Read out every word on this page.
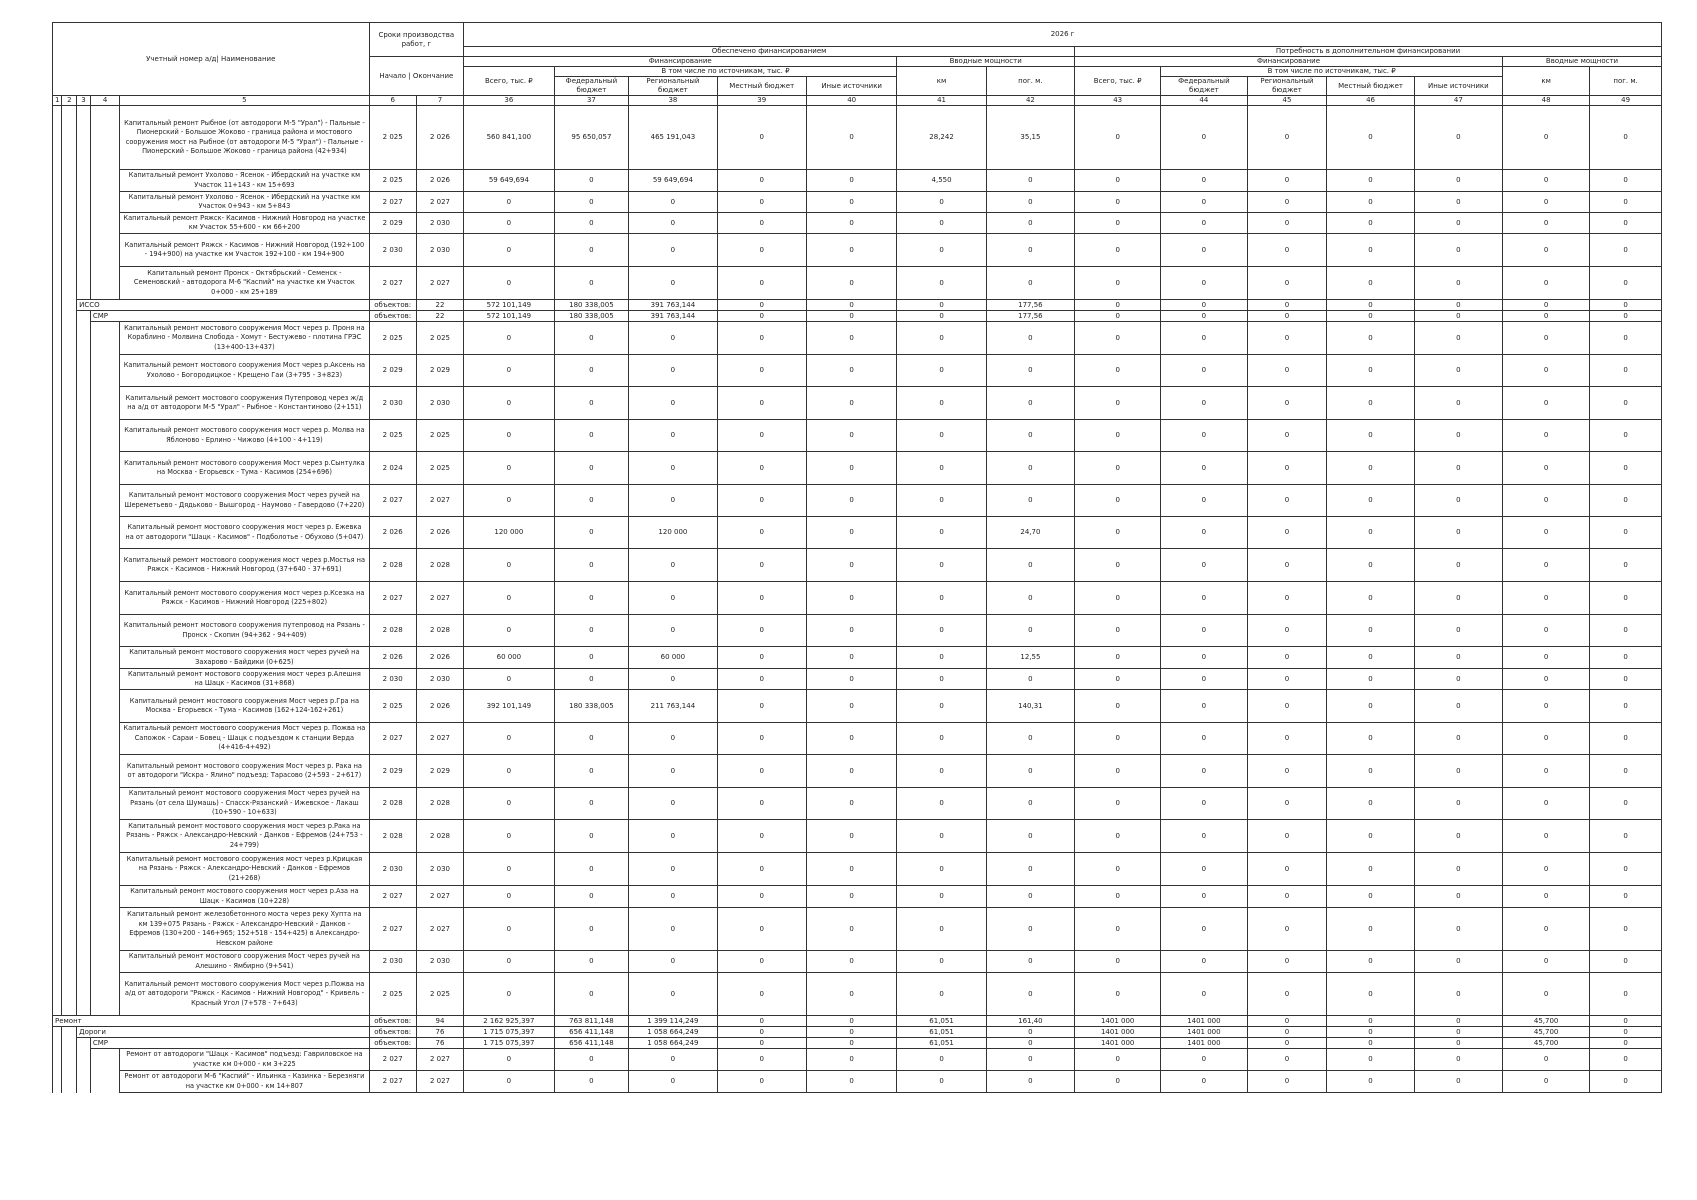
Учетный номер а/д| Наименование					Сроки производства работ, г		2026 г													
							Обеспечено финансированием							Потребность в дополнительном финансировании						
					Начало | Окончание		Финансирование					Вводные мощности		Финансирование					Вводные мощности	
							Всего, тыс. ₽	В том числе по источникам, тыс. ₽				км	пог. м.	Всего, тыс. ₽	В том числе по источникам, тыс. ₽				км	пог. м.
								Федеральный бюджет	Региональный бюджет	Местный бюджет	Иные источники				Федеральный бюджет	Региональный бюджет	Местный бюджет	Иные источники		
1	2	3	4	5	6	7	36	37	38	39	40	41	42	43	44	45	46	47	48	49
				Капитальный ремонт Рыбное (от автодороги М-5 "Урал") - Пальные - Пионерский - Большое Жоково - граница района и мостового сооружения мост на Рыбное (от автодороги М-5 "Урал") - Пальные - Пионерский - Большое Жоково - граница района (42+934)	2 025	2 026	560 841,100	95 650,057	465 191,043	0	0	28,242	35,15	0	0	0	0	0	0	0
				Капитальный ремонт Ухолово - Ясенок - Ибердский на участке км Участок 11+143 - км 15+693	2 025	2 026	59 649,694	0	59 649,694	0	0	4,550	0	0	0	0	0	0	0	0
				Капитальный ремонт Ухолово - Ясенок - Ибердский на участке км Участок 0+943 - км 5+843	2 027	2 027	0	0	0	0	0	0	0	0	0	0	0	0	0	0
				Капитальный ремонт Ряжск- Касимов - Нижний Новгород на участке км Участок 55+600 - км 66+200	2 029	2 030	0	0	0	0	0	0	0	0	0	0	0	0	0	0
				Капитальный ремонт Ряжск - Касимов - Нижний Новгород (192+100 - 194+900) на участке км Участок 192+100 - км 194+900	2 030	2 030	0	0	0	0	0	0	0	0	0	0	0	0	0	0
				Капитальный ремонт Пронск - Октябрьский - Семенск - Семеновский - автодорога М-6 "Каспий" на участке км Участок 0+000 - км 25+189	2 027	2 027	0	0	0	0	0	0	0	0	0	0	0	0	0	0
		ИССО			объектов:	22	572 101,149	180 338,005	391 763,144	0	0	0	177,56	0	0	0	0	0	0	0
			СМР		объектов:	22	572 101,149	180 338,005	391 763,144	0	0	0	177,56	0	0	0	0	0	0	0
				Капитальный ремонт мостового сооружения Мост через р. Проня на Кораблино - Молвина Слобода - Хомут - Бестужево - плотина ГРЭС (13+400-13+437)	2 025	2 025	0	0	0	0	0	0	0	0	0	0	0	0	0	0
				Капитальный ремонт мостового сооружения Мост через р.Аксень на Ухолово - Богородицкое - Крещено Гаи (3+795 - 3+823)	2 029	2 029	0	0	0	0	0	0	0	0	0	0	0	0	0	0
				Капитальный ремонт мостового сооружения Путепровод через ж/д на а/д от автодороги М-5 "Урал" - Рыбное - Константиново (2+151)	2 030	2 030	0	0	0	0	0	0	0	0	0	0	0	0	0	0
				Капитальный ремонт мостового сооружения мост через р. Молва на Яблоново - Ерлино - Чижово (4+100 - 4+119)	2 025	2 025	0	0	0	0	0	0	0	0	0	0	0	0	0	0
				Капитальный ремонт мостового сооружения Мост через р.Сынтулка на Москва - Егорьевск - Тума - Касимов (254+696)	2 024	2 025	0	0	0	0	0	0	0	0	0	0	0	0	0	0
				Капитальный ремонт мостового сооружения Мост через ручей на Шереметьево - Дядьково - Вышгород - Наумово - Гавердово (7+220)	2 027	2 027	0	0	0	0	0	0	0	0	0	0	0	0	0	0
				Капитальный ремонт мостового сооружения мост через р. Ежевка на от автодороги "Шацк - Касимов" - Подболотье - Обухово (5+047)	2 026	2 026	120 000	0	120 000	0	0	0	24,70	0	0	0	0	0	0	0
				Капитальный ремонт мостового сооружения мост через р.Мостья на Ряжск - Касимов - Нижний Новгород (37+640 - 37+691)	2 028	2 028	0	0	0	0	0	0	0	0	0	0	0	0	0	0
				Капитальный ремонт мостового сооружения мост через р.Ксезка на Ряжск - Касимов - Нижний Новгород (225+802)	2 027	2 027	0	0	0	0	0	0	0	0	0	0	0	0	0	0
				Капитальный ремонт мостового сооружения путепровод на Рязань - Пронск - Скопин (94+362 - 94+409)	2 028	2 028	0	0	0	0	0	0	0	0	0	0	0	0	0	0
				Капитальный ремонт мостового сооружения мост через ручей на Захарово - Байдики (0+625)	2 026	2 026	60 000	0	60 000	0	0	0	12,55	0	0	0	0	0	0	0
				Капитальный ремонт мостового сооружения мост через р.Алешня на Шацк - Касимов (31+868)	2 030	2 030	0	0	0	0	0	0	0	0	0	0	0	0	0	0
				Капитальный ремонт мостового сооружения Мост через р.Гра на Москва - Егорьевск - Тума - Касимов (162+124-162+261)	2 025	2 026	392 101,149	180 338,005	211 763,144	0	0	0	140,31	0	0	0	0	0	0	0
				Капитальный ремонт мостового сооружения Мост через р. Пожва на Сапожок - Сараи - Бовец - Шацк с подъездом к станции Верда (4+416-4+492)	2 027	2 027	0	0	0	0	0	0	0	0	0	0	0	0	0	0
				Капитальный ремонт мостового сооружения Мост через р. Рака на от автодороги "Искра - Ялино" подъезд: Тарасово (2+593 - 2+617)	2 029	2 029	0	0	0	0	0	0	0	0	0	0	0	0	0	0
				Капитальный ремонт мостового сооружения Мост через ручей на Рязань (от села Шумашь) - Спасск-Рязанский - Ижевское - Лакаш (10+590 - 10+633)	2 028	2 028	0	0	0	0	0	0	0	0	0	0	0	0	0	0
				Капитальный ремонт мостового сооружения мост через р.Рака на Рязань - Ряжск - Александро-Невский - Данков - Ефремов (24+753 - 24+799)	2 028	2 028	0	0	0	0	0	0	0	0	0	0	0	0	0	0
				Капитальный ремонт мостового сооружения мост через р.Крицкая на Рязань - Ряжск - Александро-Невский - Данков - Ефремов (21+268)	2 030	2 030	0	0	0	0	0	0	0	0	0	0	0	0	0	0
				Капитальный ремонт мостового сооружения мост через р.Аза на Шацк - Касимов (10+228)	2 027	2 027	0	0	0	0	0	0	0	0	0	0	0	0	0	0
				Капитальный ремонт железобетонного моста через реку Хупта на км 139+075 Рязань - Ряжск - Александро-Невский - Данков - Ефремов (130+200 - 146+965; 152+518 - 154+425) в Александро-Невском районе	2 027	2 027	0	0	0	0	0	0	0	0	0	0	0	0	0	0
				Капитальный ремонт мостового сооружения Мост через ручей на Алешино - Ямбирно (9+541)	2 030	2 030	0	0	0	0	0	0	0	0	0	0	0	0	0	0
				Капитальный ремонт мостового сооружения Мост через р.Пожва на а/д от автодороги "Ряжск - Касимов - Нижний Новгород" - Кривель - Красный Угол (7+578 - 7+643)	2 025	2 025	0	0	0	0	0	0	0	0	0	0	0	0	0	0
Ремонт					объектов:	94	2 162 925,397	763 811,148	1 399 114,249	0	0	61,051	161,40	1401 000	1401 000	0	0	0	45,700	0
		Дороги			объектов:	76	1 715 075,397	656 411,148	1 058 664,249	0	0	61,051	0	1401 000	1401 000	0	0	0	45,700	0
			СМР		объектов:	76	1 715 075,397	656 411,148	1 058 664,249	0	0	61,051	0	1401 000	1401 000	0	0	0	45,700	0
				Ремонт от автодороги "Шацк - Касимов" подъезд: Гавриловское на участке км 0+000 - км 3+225	2 027	2 027	0	0	0	0	0	0	0	0	0	0	0	0	0	0
				Ремонт от автодороги М-6 "Каспий" - Ильинка - Казинка - Березняги на участке км 0+000 - км 14+807	2 027	2 027	0	0	0	0	0	0	0	0	0	0	0	0	0	0
